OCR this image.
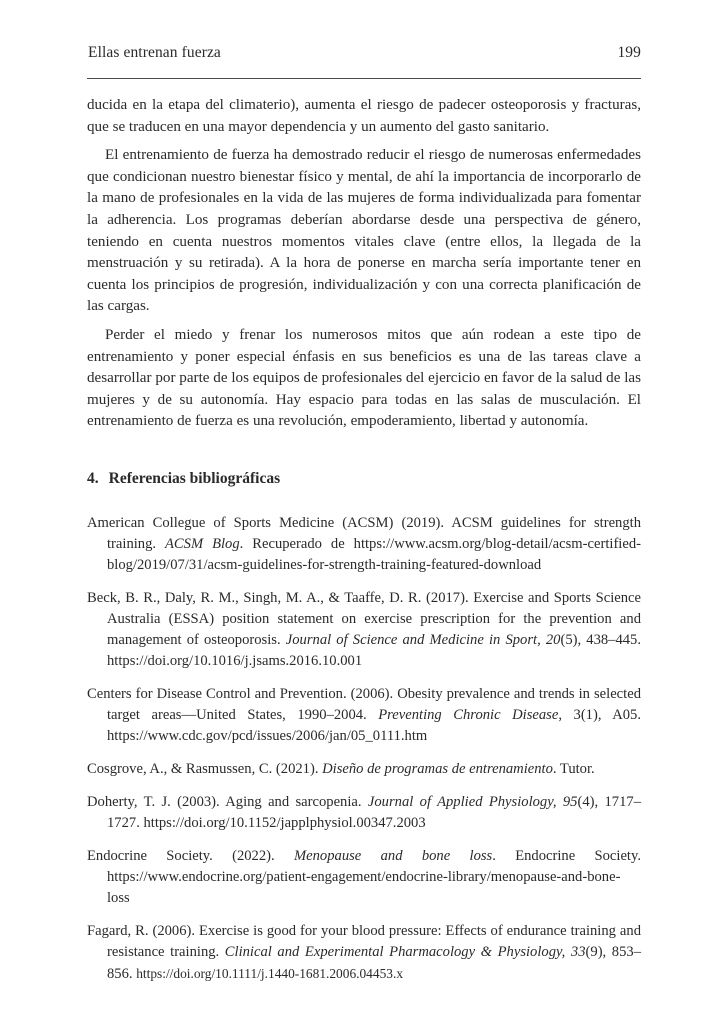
Ellas entrenan fuerza	199

ducida en la etapa del climaterio), aumenta el riesgo de padecer osteoporosis y fracturas, que se traducen en una mayor dependencia y un aumento del gasto sanitario.

El entrenamiento de fuerza ha demostrado reducir el riesgo de numerosas enfermedades que condicionan nuestro bienestar físico y mental, de ahí la importancia de incorporarlo de la mano de profesionales en la vida de las mujeres de forma individualizada para fomentar la adherencia. Los programas deberían abordarse desde una perspectiva de género, teniendo en cuenta nuestros momentos vitales clave (entre ellos, la llegada de la menstruación y su retirada). A la hora de ponerse en marcha sería importante tener en cuenta los principios de progresión, individualización y con una correcta planificación de las cargas.

Perder el miedo y frenar los numerosos mitos que aún rodean a este tipo de entrenamiento y poner especial énfasis en sus beneficios es una de las tareas clave a desarrollar por parte de los equipos de profesionales del ejercicio en favor de la salud de las mujeres y de su autonomía. Hay espacio para todas en las salas de musculación. El entrenamiento de fuerza es una revolución, empoderamiento, libertad y autonomía.

4. Referencias bibliográficas

American Collegue of Sports Medicine (ACSM) (2019). ACSM guidelines for strength training. ACSM Blog. Recuperado de https://www.acsm.org/blog-detail/acsm-certified-blog/2019/07/31/acsm-guidelines-for-strength-training-featured-download

Beck, B. R., Daly, R. M., Singh, M. A., & Taaffe, D. R. (2017). Exercise and Sports Science Australia (ESSA) position statement on exercise prescription for the prevention and management of osteoporosis. Journal of Science and Medicine in Sport, 20(5), 438–445. https://doi.org/10.1016/j.jsams.2016.10.001

Centers for Disease Control and Prevention. (2006). Obesity prevalence and trends in selected target areas—United States, 1990–2004. Preventing Chronic Disease, 3(1), A05. https://www.cdc.gov/pcd/issues/2006/jan/05_0111.htm

Cosgrove, A., & Rasmussen, C. (2021). Diseño de programas de entrenamiento. Tutor.

Doherty, T. J. (2003). Aging and sarcopenia. Journal of Applied Physiology, 95(4), 1717–1727. https://doi.org/10.1152/japplphysiol.00347.2003

Endocrine Society. (2022). Menopause and bone loss. Endocrine Society. https://www.endocrine.org/patient-engagement/endocrine-library/menopause-and-bone-loss

Fagard, R. (2006). Exercise is good for your blood pressure: Effects of endurance training and resistance training. Clinical and Experimental Pharmacology & Physiology, 33(9), 853–856. https://doi.org/10.1111/j.1440-1681.2006.04453.x
